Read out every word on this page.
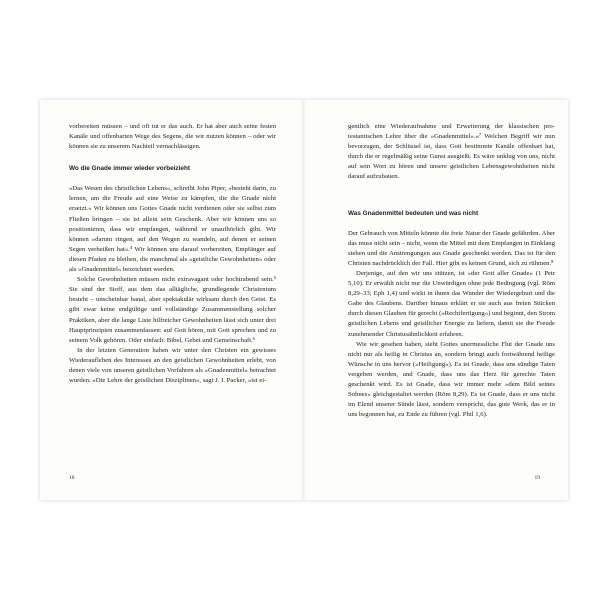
vorbereiten müssen – und oft tut er das auch. Er hat aber auch seine festen Kanäle und offenbarten Wege des Segens, die wir nutzen können – oder wir können sie zu unserem Nachteil vernachlässigen.

Wo die Gnade immer wieder vorbeizieht

»Das Wesen des christlichen Lebens«, schreibt John Piper, »besteht darin, zu lernen, um die Freude auf eine Weise zu kämpfen, die die Gnade nicht ersetzt.« Wir können uns Gottes Gnade nicht verdienen oder sie selbst zum Fließen bringen – sie ist allein sein Geschenk. Aber wir können uns so positionieren, dass wir empfangen, während er unaufhörlich gibt. Wir können »darum ringen, auf den Wegen zu wandeln, auf denen er seinen Segen verheißen hat«.⁴ Wir können uns darauf vorbereiten, Empfänger auf diesen Pfaden zu bleiben, die manchmal als »geistliche Gewohnheiten« oder als »Gnadenmittel« bezeichnet werden.

Solche Gewohnheiten müssen nicht extravagant oder hochtrabend sein.⁵ Sie sind der Stoff, aus dem das alltägliche, grundlegende Christentum besteht – unscheinbar banal, aber spektakulär wirksam durch den Geist. Es gibt zwar keine endgültige und vollständige Zusammenstellung solcher Praktiken, aber die lange Liste hilfreicher Gewohnheiten lässt sich unter drei Hauptprinzipien zusammenfassen: auf Gott hören, mit Gott sprechen und zu seinem Volk gehören. Oder einfach: Bibel, Gebet und Gemeinschaft.⁶

In der letzten Generation haben wir unter den Christen ein gewisses Wiederaufleben des Interesses an den geistlichen Gewohnheiten erlebt, von denen viele von unseren geistlichen Vorfahren als »Gnadenmittel« betrachtet wurden. »Die Lehre der geistlichen Disziplinen«, sagt J. I. Packer, »ist ei-

18

gentlich eine Wiederaufnahme und Erweiterung der klassischen pro-testantischen Lehre über die »Gnadenmittel«.«⁷ Welchen Begriff wir nun bevorzugen, der Schlüssel ist, dass Gott bestimmte Kanäle offenbart hat, durch die er regelmäßig seine Gunst ausgießt. Es wäre unklug von uns, nicht auf sein Wort zu hören und unsere geistlichen Lebensgewohnheiten nicht darauf aufzubauen.

Was Gnadenmittel bedeuten und was nicht

Der Gebrauch von Mitteln könnte die freie Natur der Gnade gefährden. Aber das muss nicht sein – nicht, wenn die Mittel mit dem Empfangen in Einklang stehen und die Anstrengungen aus Gnade geschenkt werden. Das ist für den Christen nachdrücklich der Fall. Hier gibt es keinen Grund, sich zu rühmen.⁸

Derjenige, auf den wir uns stützen, ist »der Gott aller Gnade« (1 Petr 5,10). Er erwählt nicht nur die Unwürdigen ohne jede Bedingung (vgl. Röm 8,29–33; Eph 1,4) und wirkt in ihnen das Wunder der Wiedergeburt und die Gabe des Glaubens. Darüber hinaus erklärt er sie auch aus freien Stücken durch diesen Glauben für gerecht (»Rechtfertigung«) und beginnt, den Strom geistlichen Lebens und geistlicher Energie zu liefern, damit sie die Freude zunehmender Christusähnlichkeit erfahren.

Wie wir gesehen haben, sieht Gottes unermessliche Flut der Gnade uns nicht nur als heilig in Christus an, sondern bringt auch fortwährend heilige Wünsche in uns hervor (»Heiligung«). Es ist Gnade, dass uns sündige Taten vergeben werden, und Gnade, dass uns das Herz für gerechte Taten geschenkt wird. Es ist Gnade, dass wir immer mehr »dem Bild seines Sohnes« gleichgestaltet werden (Röm 8,29). Es ist Gnade, dass er uns nicht im Elend unserer Sünde lässt, sondern verspricht, das gute Werk, das er in uns begonnen hat, zu Ende zu führen (vgl. Phil 1,6).

19
